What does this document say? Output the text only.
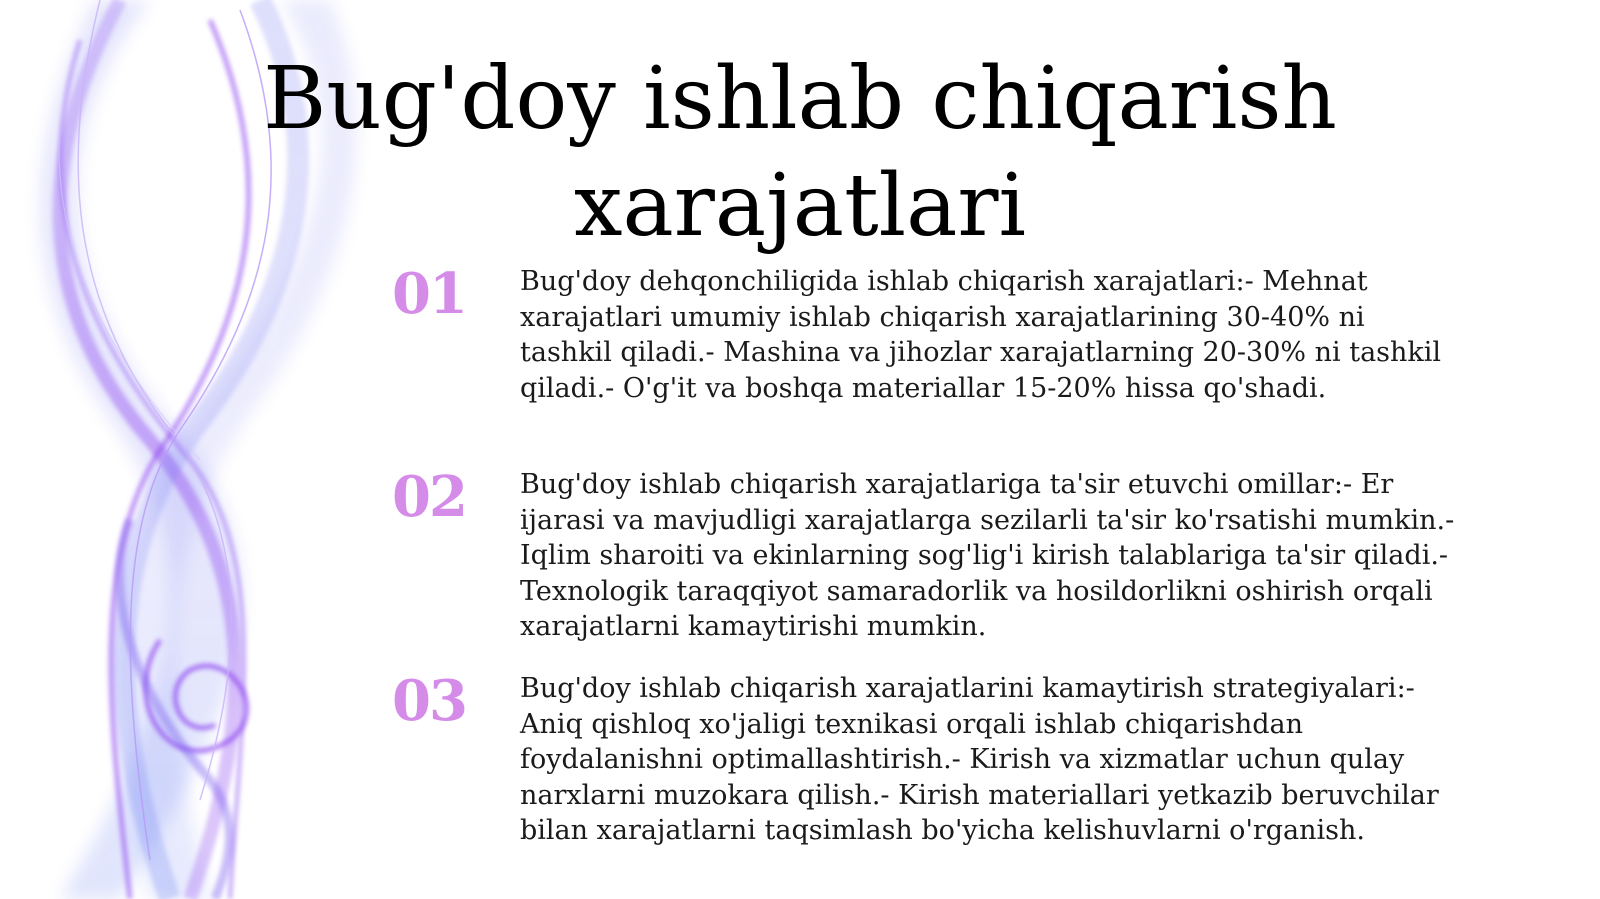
Bug'doy ishlab chiqarish xarajatlari
01	Bug'doy dehqonchiligida ishlab chiqarish xarajatlari:- Mehnat xarajatlari umumiy ishlab chiqarish xarajatlarining 30-40% ni tashkil qiladi.- Mashina va jihozlar xarajatlarning 20-30% ni tashkil qiladi.- O'g'it va boshqa materiallar 15-20% hissa qo'shadi.

02	Bug'doy ishlab chiqarish xarajatlariga ta'sir etuvchi omillar:- Er ijarasi va mavjudligi xarajatlarga sezilarli ta'sir ko'rsatishi mumkin.- Iqlim sharoiti va ekinlarning sog'lig'i kirish talablariga ta'sir qiladi.- Texnologik taraqqiyot samaradorlik va hosildorlikni oshirish orqali xarajatlarni kamaytirishi mumkin.

03	Bug'doy ishlab chiqarish xarajatlarini kamaytirish strategiyalari:- Aniq qishloq xo'jaligi texnikasi orqali ishlab chiqarishdan foydalanishni optimallashtirish.- Kirish va xizmatlar uchun qulay narxlarni muzokara qilish.- Kirish materiallari yetkazib beruvchilar bilan xarajatlarni taqsimlash bo'yicha kelishuvlarni o'rganish.
